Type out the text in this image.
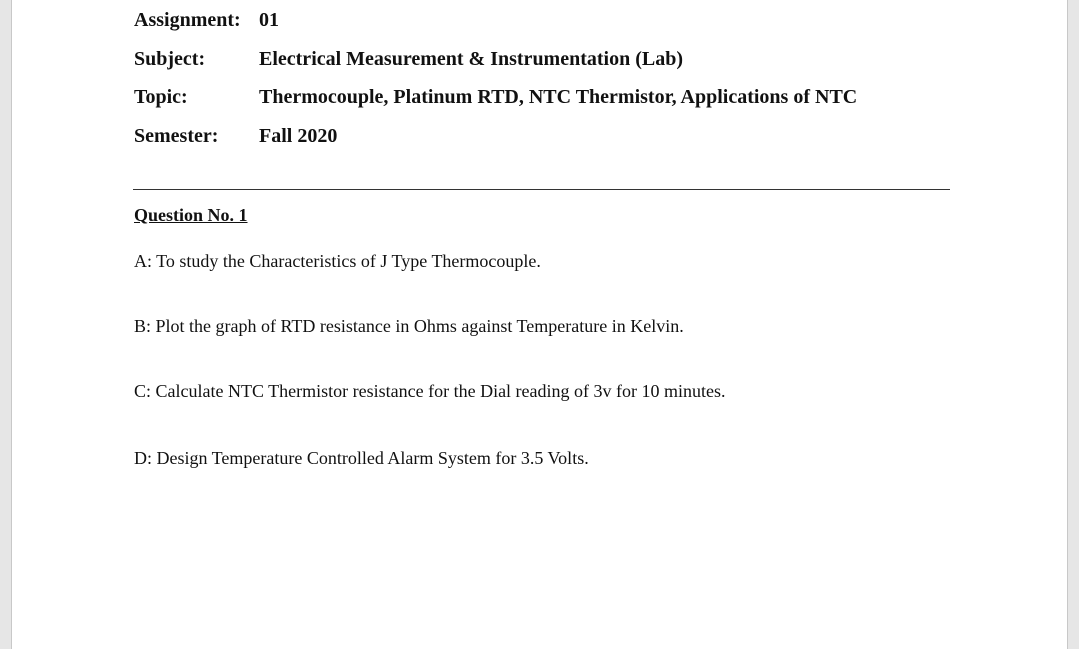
Assignment: 01
Subject:	Electrical Measurement & Instrumentation (Lab)
Topic:	Thermocouple, Platinum RTD, NTC Thermistor, Applications of NTC
Semester: Fall 2020
Question No. 1
A: To study the Characteristics of J Type Thermocouple.
B: Plot the graph of RTD resistance in Ohms against Temperature in Kelvin.
C: Calculate NTC Thermistor resistance for the Dial reading of 3v for 10 minutes.
D: Design Temperature Controlled Alarm System for 3.5 Volts.
